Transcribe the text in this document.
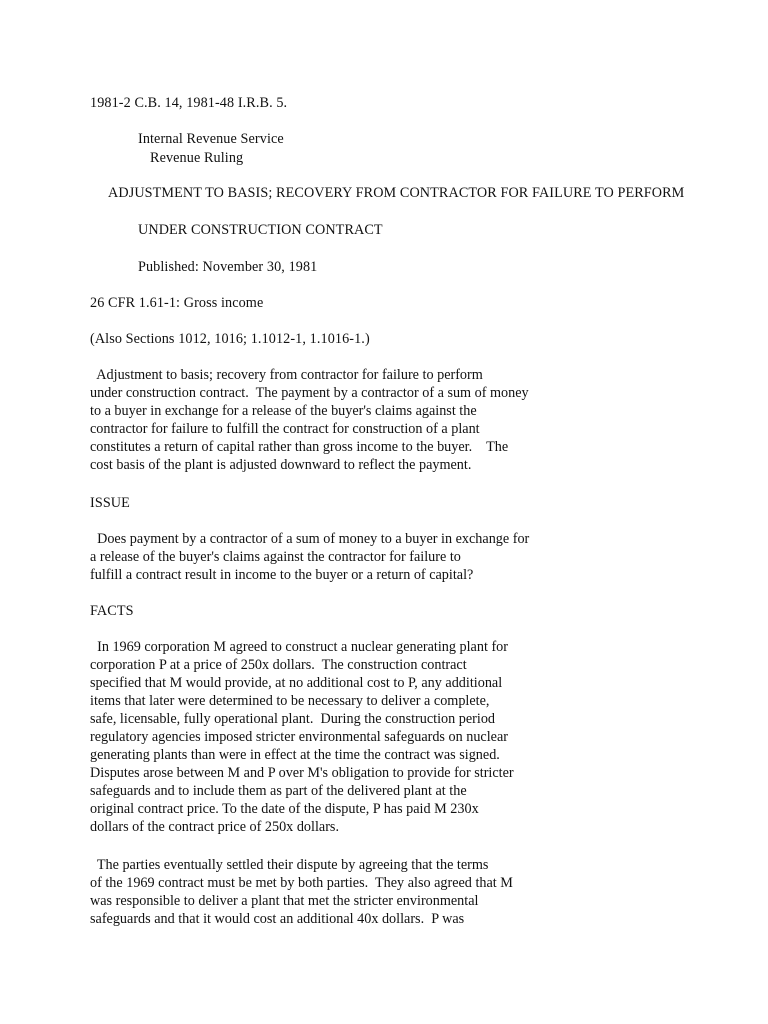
1981-2 C.B. 14, 1981-48 I.R.B. 5.
Internal Revenue Service
Revenue Ruling
ADJUSTMENT TO BASIS; RECOVERY FROM CONTRACTOR FOR FAILURE TO PERFORM
UNDER CONSTRUCTION CONTRACT
Published: November 30, 1981
26 CFR 1.61-1: Gross income
(Also Sections 1012, 1016; 1.1012-1, 1.1016-1.)
Adjustment to basis; recovery from contractor for failure to perform
under construction contract.  The payment by a contractor of a sum of money
to a buyer in exchange for a release of the buyer's claims against the
contractor for failure to fulfill the contract for construction of a plant
constitutes a return of capital rather than gross income to the buyer.    The
cost basis of the plant is adjusted downward to reflect the payment.
ISSUE
Does payment by a contractor of a sum of money to a buyer in exchange for
a release of the buyer's claims against the contractor for failure to
fulfill a contract result in income to the buyer or a return of capital?
FACTS
In 1969 corporation M agreed to construct a nuclear generating plant for
corporation P at a price of 250x dollars.  The construction contract
specified that M would provide, at no additional cost to P, any additional
items that later were determined to be necessary to deliver a complete,
safe, licensable, fully operational plant.  During the construction period
regulatory agencies imposed stricter environmental safeguards on nuclear
generating plants than were in effect at the time the contract was signed.
Disputes arose between M and P over M's obligation to provide for stricter
safeguards and to include them as part of the delivered plant at the
original contract price. To the date of the dispute, P has paid M 230x
dollars of the contract price of 250x dollars.
The parties eventually settled their dispute by agreeing that the terms
of the 1969 contract must be met by both parties.  They also agreed that M
was responsible to deliver a plant that met the stricter environmental
safeguards and that it would cost an additional 40x dollars.  P was
